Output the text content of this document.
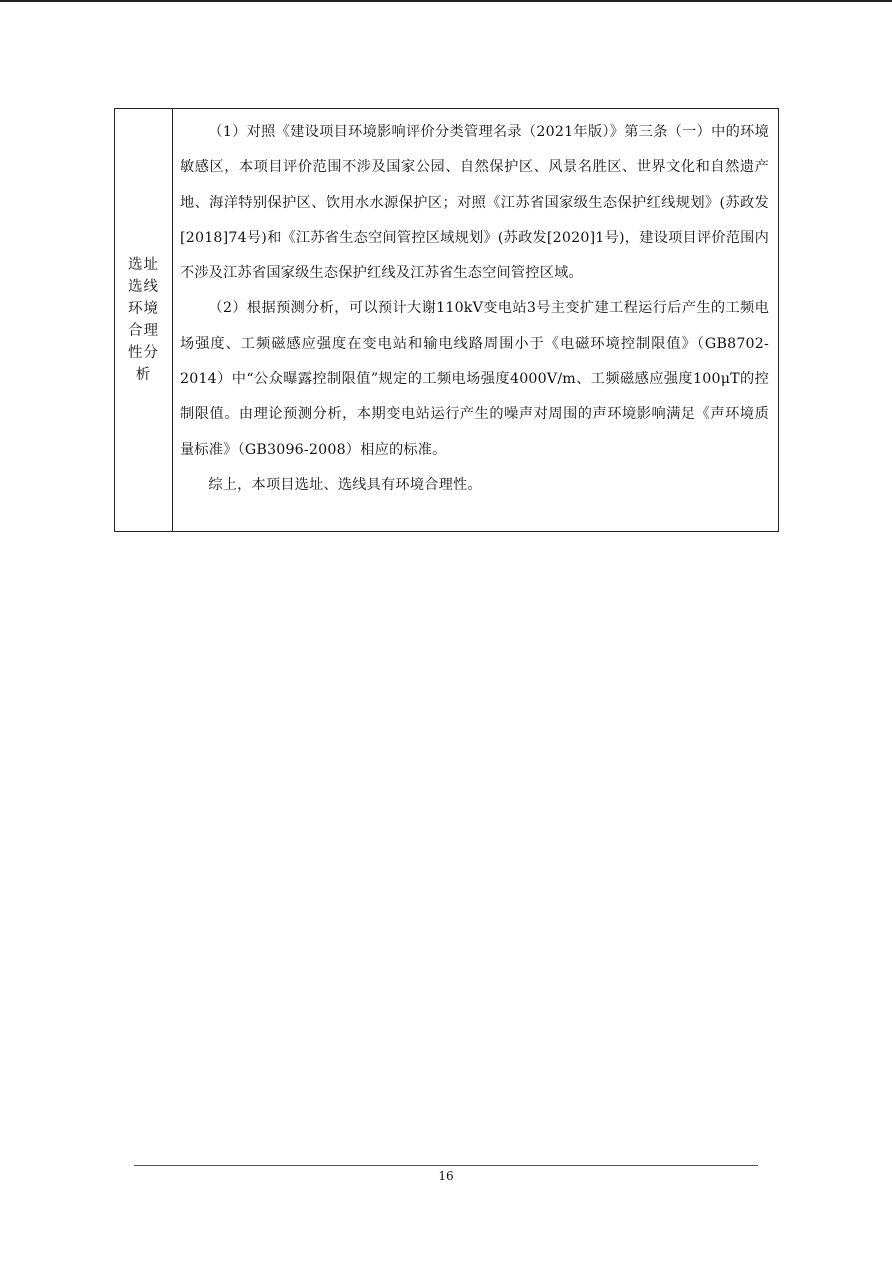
选址选线环境合理性分析

（1）对照《建设项目环境影响评价分类管理名录（2021年版）》第三条（一）中的环境敏感区，本项目评价范围不涉及国家公园、自然保护区、风景名胜区、世界文化和自然遗产地、海洋特别保护区、饮用水水源保护区；对照《江苏省国家级生态保护红线规划》(苏政发[2018]74号)和《江苏省生态空间管控区域规划》(苏政发[2020]1号)，建设项目评价范围内不涉及江苏省国家级生态保护红线及江苏省生态空间管控区域。

（2）根据预测分析，可以预计大谢110kV变电站3号主变扩建工程运行后产生的工频电场强度、工频磁感应强度在变电站和输电线路周围小于《电磁环境控制限值》（GB8702-2014）中“公众曝露控制限值”规定的工频电场强度4000V/m、工频磁感应强度100μT的控制限值。由理论预测分析，本期变电站运行产生的噪声对周围的声环境影响满足《声环境质量标准》（GB3096-2008）相应的标准。

综上，本项目选址、选线具有环境合理性。

16
